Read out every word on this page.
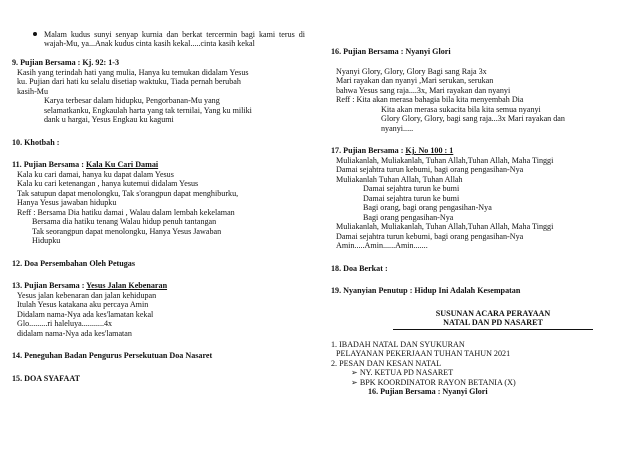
Malam kudus sunyi senyap kurnia dan berkat tercermin bagi kami terus di wajah-Mu, ya...Anak kudus cinta kasih kekal.....cinta kasih kekal

9. Pujian Bersama : Kj. 92: 1-3

Kasih yang terindah hati yang mulia, Hanya ku temukan didalam Yesus

ku. Pujian dari hati ku selalu disetiap waktuku, Tiada pernah berubah

kasih-Mu

Karya terbesar dalam hidupku, Pengorbanan-Mu yang

selamatkanku, Engkaulah harta yang tak ternilai, Yang ku miliki

dank u hargai, Yesus Engkau ku kagumi

10. Khotbah :

11. Pujian Bersama : Kala Ku Cari Damai

Kala ku cari damai, hanya ku dapat dalam Yesus

Kala ku cari ketenangan , hanya kutemui didalam Yesus

Tak satupun dapat menolongku, Tak s'orangpun dapat menghiburku,

Hanya Yesus jawaban hidupku

Reff : Bersama Dia hatiku damai , Walau dalam lembah kekelaman

Bersama dia hatiku tenang Walau hidup penuh tantangan

Tak seorangpun dapat menolongku, Hanya Yesus Jawaban

Hidupku

12. Doa Persembahan Oleh Petugas

13. Pujian Bersama : Yesus Jalan Kebenaran

Yesus jalan kebenaran dan jalan kehidupan

Itulah Yesus katakana aku percaya Amin

Didalam nama-Nya ada kes'lamatan kekal

Glo.........ri haleluya...........4x

didalam nama-Nya ada kes'lamatan

14. Peneguhan Badan Pengurus Persekutuan Doa Nasaret

15. DOA SYAFAAT

16. Pujian Bersama : Nyanyi Glori

Nyanyi Glory, Glory, Glory Bagi sang Raja 3x

Mari rayakan dan nyanyi ,Mari serukan, serukan

bahwa Yesus sang raja....3x, Mari rayakan dan nyanyi

Reff : Kita akan merasa bahagia bila kita menyembah Dia

Kita akan merasa sukacita bila kita semua nyanyi

Glory Glory, Glory, bagi sang raja...3x Mari rayakan dan

nyanyi.....

17. Pujian Bersama : Kj. No 100 : 1

Muliakanlah, Muliakanlah, Tuhan Allah,Tuhan Allah, Maha Tinggi

Damai sejahtra turun kebumi, bagi orang pengasihan-Nya

Muliakanlah Tuhan Allah, Tuhan Allah

Damai sejahtra turun ke bumi

Damai sejahtra turun ke bumi

Bagi orang, bagi orang pengasihan-Nya

Bagi orang pengasihan-Nya

Muliakanlah, Muliakanlah, Tuhan Allah,Tuhan Allah, Maha Tinggi

Damai sejahtra turun kebumi, bagi orang pengasihan-Nya

Amin.....Amin......Amin.......

18. Doa Berkat :

19. Nyanyian Penutup : Hidup Ini Adalah Kesempatan

SUSUNAN ACARA PERAYAAN

NATAL DAN PD NASARET

1. IBADAH NATAL DAN SYUKURAN

PELAYANAN PEKERJAAN TUHAN TAHUN 2021

2. PESAN DAN KESAN NATAL

➢ NY. KETUA PD NASARET

➢ BPK KOORDINATOR RAYON BETANIA (X)

16. Pujian Bersama : Nyanyi Glori
